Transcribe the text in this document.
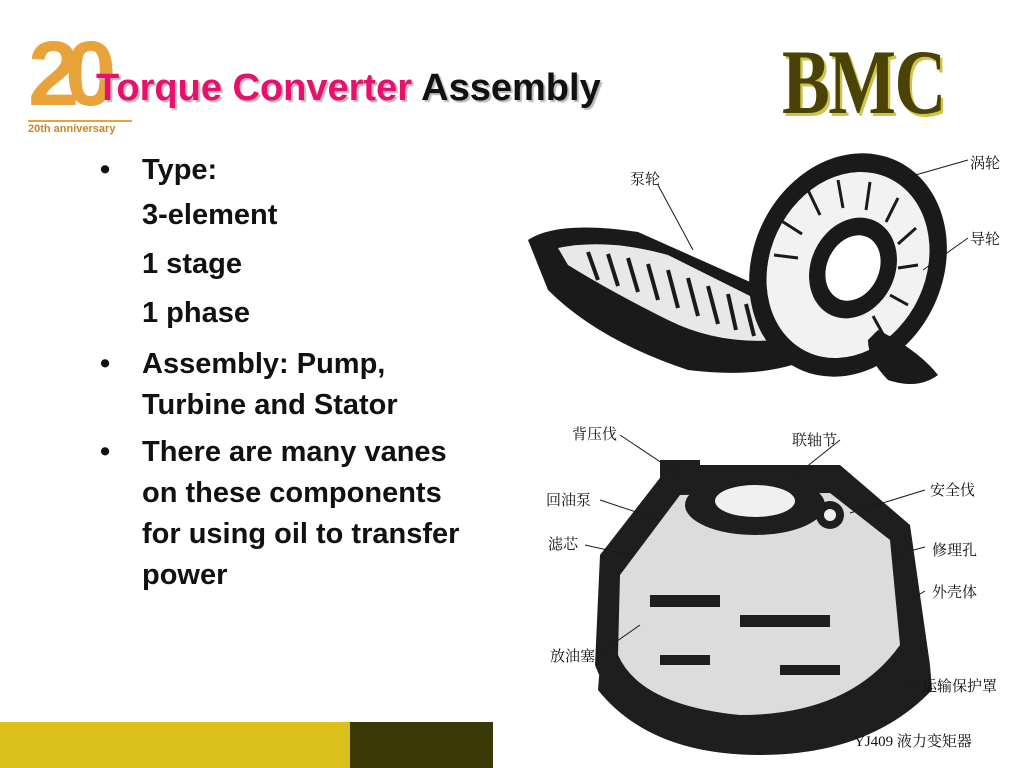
20
20th anniversary
Torque Converter Assembly BMC
• Type:
3-element
1 stage
1 phase
• Assembly: Pump, Turbine and Stator
• There are many vanes on these components for using oil to transfer power
泵轮
涡轮
导轮
背压伐	联轴节
回油泵
安全伐
滤芯	修理孔
外壳体
放油塞
运输保护罩
YJ409 液力变矩器
